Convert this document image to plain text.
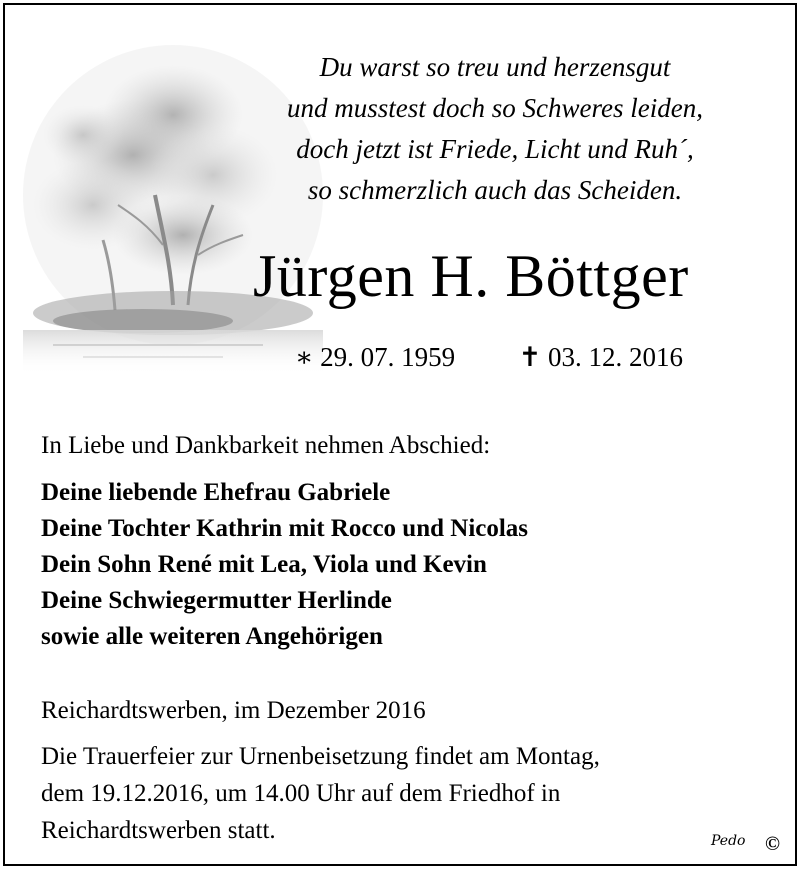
Du warst so treu und herzensgut
und musstest doch so Schweres leiden,
doch jetzt ist Friede, Licht und Ruh´,
so schmerzlich auch das Scheiden.
Jürgen H. Böttger
∗ 29. 07. 1959 ✝ 03. 12. 2016
In Liebe und Dankbarkeit nehmen Abschied:
Deine liebende Ehefrau Gabriele
Deine Tochter Kathrin mit Rocco und Nicolas
Dein Sohn René mit Lea, Viola und Kevin
Deine Schwiegermutter Herlinde
sowie alle weiteren Angehörigen
Reichardtswerben, im Dezember 2016
Die Trauerfeier zur Urnenbeisetzung findet am Montag,
dem 19.12.2016, um 14.00 Uhr auf dem Friedhof in
Reichardtswerben statt.	Pedo ©
